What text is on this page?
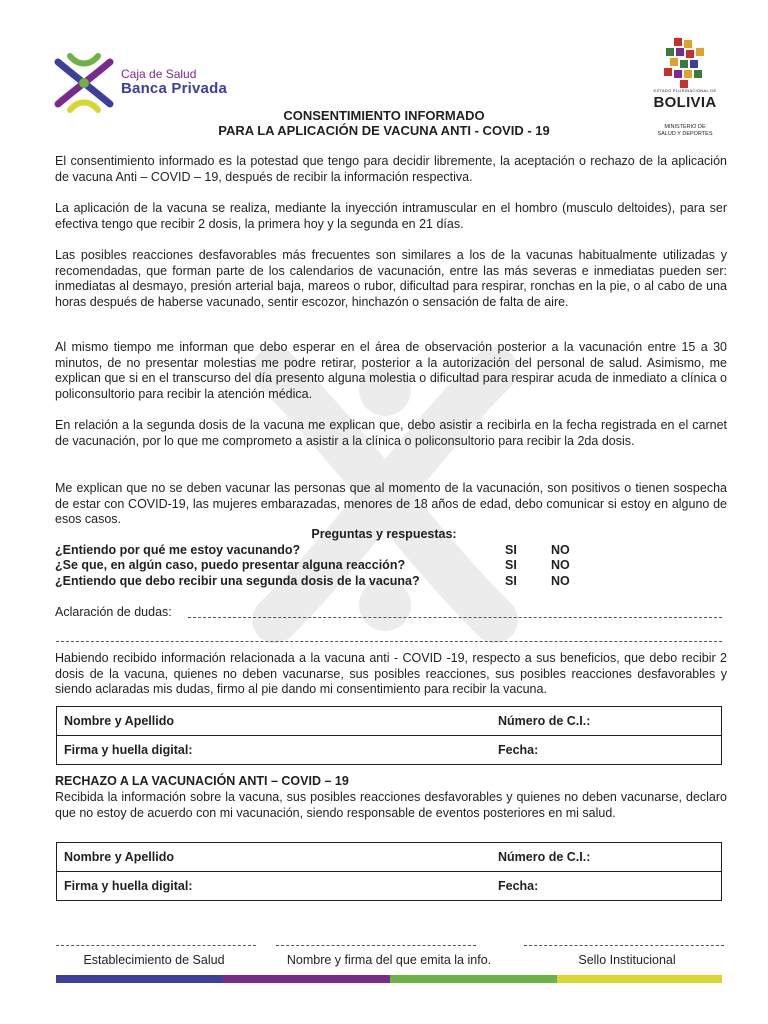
Caja de Salud
Banca Privada	ESTADO PLURINACIONAL DE
BOLIVIA
MINISTERIO DE
SALUD Y DEPORTES
CONSENTIMIENTO INFORMADO
PARA LA APLICACIÓN DE VACUNA ANTI - COVID - 19
El consentimiento informado es la potestad que tengo para decidir libremente, la aceptación o rechazo de la aplicación de vacuna Anti – COVID – 19, después de recibir la información respectiva.
La aplicación de la vacuna se realiza, mediante la inyección intramuscular en el hombro (musculo deltoides), para ser efectiva tengo que recibir 2 dosis, la primera hoy y la segunda en 21 días.
Las posibles reacciones desfavorables más frecuentes son similares a los de la vacunas habitualmente utilizadas y recomendadas, que forman parte de los calendarios de vacunación, entre las más severas e inmediatas pueden ser: inmediatas al desmayo, presión arterial baja, mareos o rubor, dificultad para respirar, ronchas en la pie, o al cabo de una horas después de haberse vacunado, sentir escozor, hinchazón o sensación de falta de aire.
Al mismo tiempo me informan que debo esperar en el área de observación posterior a la vacunación entre 15 a 30 minutos, de no presentar molestias me podre retirar, posterior a la autorización del personal de salud. Asimismo, me explican que si en el transcurso del día presento alguna molestia o dificultad para respirar acuda de inmediato a clínica o policonsultorio para recibir la atención médica.
En relación a la segunda dosis de la vacuna me explican que, debo asistir a recibirla en la fecha registrada en el carnet de vacunación, por lo que me comprometo a asistir a la clínica o policonsultorio para recibir la 2da dosis.
Me explican que no se deben vacunar las personas que al momento de la vacunación, son positivos o tienen sospecha de estar con COVID-19, las mujeres embarazadas, menores de 18 años de edad, debo comunicar si estoy en alguno de esos casos.
Preguntas y respuestas:
¿Entiendo por qué me estoy vacunando?	SI	NO
¿Se que, en algún caso, puedo presentar alguna reacción?	SI	NO
¿Entiendo que debo recibir una segunda dosis de la vacuna?	SI	NO
Aclaración de dudas:
Habiendo recibido información relacionada a la vacuna anti - COVID -19, respecto a sus beneficios, que debo recibir 2 dosis de la vacuna, quienes no deben vacunarse, sus posibles reacciones, sus posibles reacciones desfavorables y siendo aclaradas mis dudas, firmo al pie dando mi consentimiento para recibir la vacuna.
Nombre y Apellido	Número de C.I.:
Firma y huella digital:	Fecha:
RECHAZO A LA VACUNACIÓN ANTI – COVID – 19
Recibida la información sobre la vacuna, sus posibles reacciones desfavorables y quienes no deben vacunarse, declaro que no estoy de acuerdo con mi vacunación, siendo responsable de eventos posteriores en mi salud.
Nombre y Apellido	Número de C.I.:
Firma y huella digital:	Fecha:
Establecimiento de Salud	Nombre y firma del que emita la info.	Sello Institucional
